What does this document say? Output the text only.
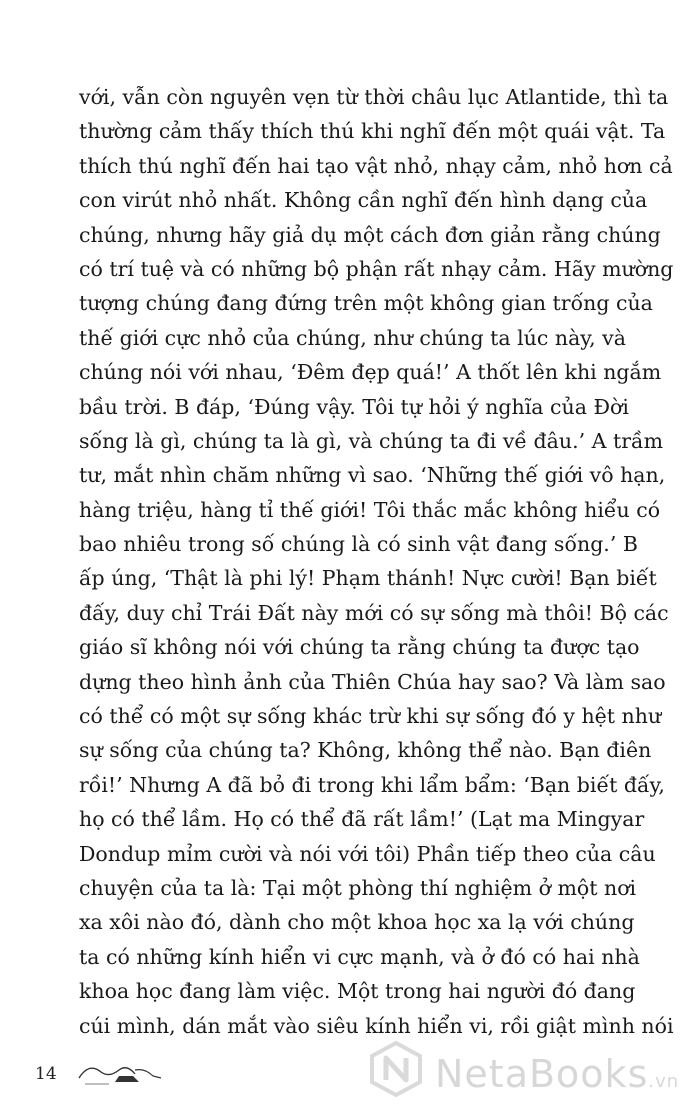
với, vẫn còn nguyên vẹn từ thời châu lục Atlantide, thì ta
thường cảm thấy thích thú khi nghĩ đến một quái vật. Ta
thích thú nghĩ đến hai tạo vật nhỏ, nhạy cảm, nhỏ hơn cả
con virút nhỏ nhất. Không cần nghĩ đến hình dạng của
chúng, nhưng hãy giả dụ một cách đơn giản rằng chúng
có trí tuệ và có những bộ phận rất nhạy cảm. Hãy mường
tượng chúng đang đứng trên một không gian trống của
thế giới cực nhỏ của chúng, như chúng ta lúc này, và
chúng nói với nhau, ‘Đêm đẹp quá!’ A thốt lên khi ngắm
bầu trời. B đáp, ‘Đúng vậy. Tôi tự hỏi ý nghĩa của Đời
sống là gì, chúng ta là gì, và chúng ta đi về đâu.’ A trầm
tư, mắt nhìn chăm những vì sao. ‘Những thế giới vô hạn,
hàng triệu, hàng tỉ thế giới! Tôi thắc mắc không hiểu có
bao nhiêu trong số chúng là có sinh vật đang sống.’ B
ấp úng, ‘Thật là phi lý! Phạm thánh! Nực cười! Bạn biết
đấy, duy chỉ Trái Đất này mới có sự sống mà thôi! Bộ các
giáo sĩ không nói với chúng ta rằng chúng ta được tạo
dựng theo hình ảnh của Thiên Chúa hay sao? Và làm sao
có thể có một sự sống khác trừ khi sự sống đó y hệt như
sự sống của chúng ta? Không, không thể nào. Bạn điên
rồi!’ Nhưng A đã bỏ đi trong khi lẩm bẩm: ‘Bạn biết đấy,
họ có thể lầm. Họ có thể đã rất lầm!’ (Lạt ma Mingyar
Dondup mỉm cười và nói với tôi) Phần tiếp theo của câu
chuyện của ta là: Tại một phòng thí nghiệm ở một nơi
xa xôi nào đó, dành cho một khoa học xa lạ với chúng
ta có những kính hiển vi cực mạnh, và ở đó có hai nhà
khoa học đang làm việc. Một trong hai người đó đang
cúi mình, dán mắt vào siêu kính hiển vi, rồi giật mình nói
14	NetaBooks.vn
